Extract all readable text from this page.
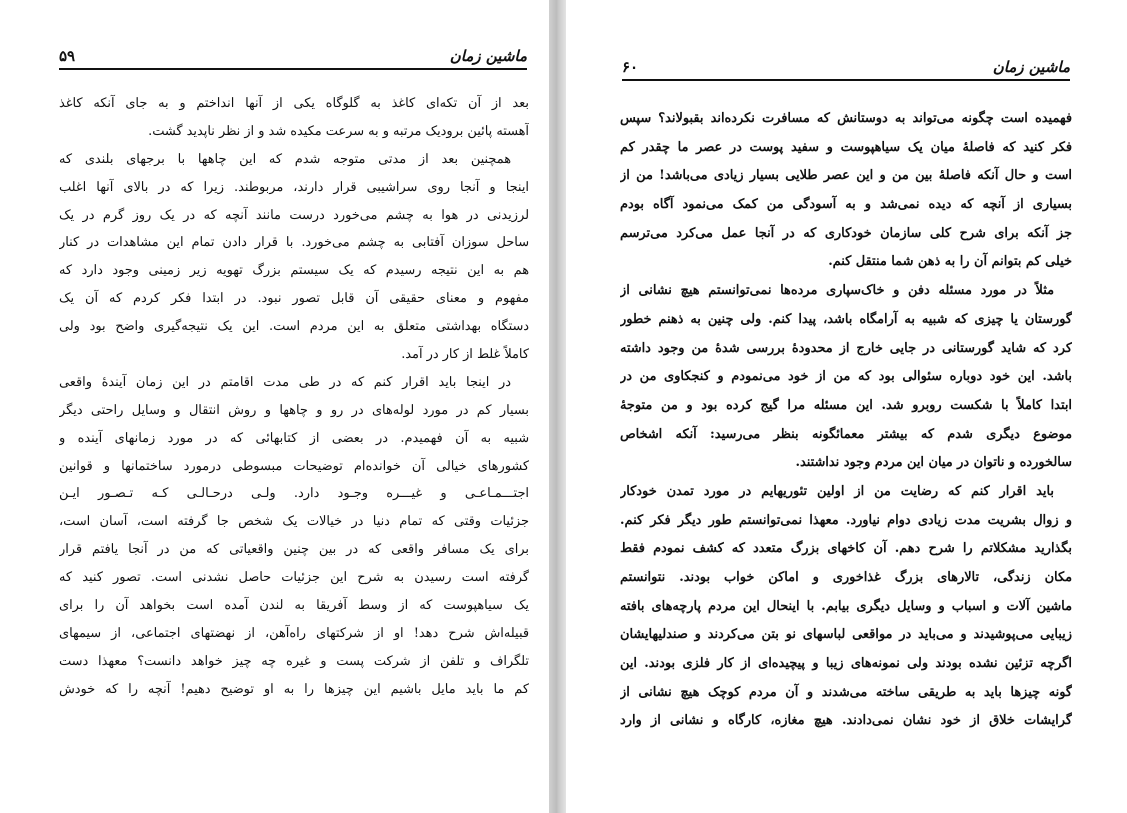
ماشین زمان
۵۹
بعد از آن تکه‌ای کاغذ به گلوگاه یکی از آنها انداختم و به جای آنکه کاغذ
آهسته پائین برودیک مرتبه و به سرعت مکیده شد و از نظر ناپدید گشت.
همچنین بعد از مدتی متوجه شدم که این چاهها با برجهای بلندی که
اینجا و آنجا روی سراشیبی قرار دارند، مربوطند. زیرا که در بالای آنها اغلب
لرزیدنی در هوا به چشم می‌خورد درست مانند آنچه که در یک روز گرم در یک
ساحل سوزان آفتابی به چشم می‌خورد. با قرار دادن تمام این مشاهدات در کنار
هم به این نتیجه رسیدم که یک سیستم بزرگ تهویه زیر زمینی وجود دارد که
مفهوم و معنای حقیقی آن قابل تصور نبود. در ابتدا فکر کردم که آن یک
دستگاه بهداشتی متعلق به این مردم است. این یک نتیجه‌گیری واضح بود ولی
کاملاً غلط از کار در آمد.
در اینجا باید اقرار کنم که در طی مدت اقامتم در این زمان آیندهٔ واقعی
بسیار کم در مورد لوله‌های در رو و چاهها و روش انتقال و وسایل راحتی دیگر
شبیه به آن فهمیدم. در بعضی از کتابهائی که در مورد زمانهای آینده و
کشورهای خیالی آن خوانده‌ام توضیحات مبسوطی درمورد ساختمانها و قوانین
اجتـــمـاعـی و غیـــره وجـود دارد. ولـی درحـالـی کـه تـصـور ایـن
جزئیات وقتی که تمام دنیا در خیالات یک شخص جا گرفته است، آسان است،
برای یک مسافر واقعی که در بین چنین واقعیاتی که من در آنجا یافتم قرار
گرفته است رسیدن به شرح این جزئیات حاصل نشدنی است. تصور کنید که
یک سیاهپوست که از وسط آفریقا به لندن آمده است بخواهد آن را برای
قبیله‌اش شرح دهد! او از شرکتهای راه‌آهن، از نهضتهای اجتماعی، از سیمهای
تلگراف و تلفن از شرکت پست و غیره چه چیز خواهد دانست؟ معهذا دست
کم ما باید مایل باشیم این چیزها را به او توضیح دهیم! آنچه را که خودش
ماشین زمان
۶۰
فهمیده است چگونه می‌تواند به دوستانش که مسافرت نکرده‌اند بقبولاند؟ سپس
فکر کنید که فاصلهٔ میان یک سیاهپوست و سفید پوست در عصر ما چقدر کم
است و حال آنکه فاصلهٔ بین من و این عصر طلایی بسیار زیادی می‌باشد! من از
بسیاری از آنچه که دیده نمی‌شد و به آسودگی من کمک می‌نمود آگاه بودم
جز آنکه برای شرح کلی سازمان خودکاری که در آنجا عمل می‌کرد می‌ترسم
خیلی کم بتوانم آن را به ذهن شما منتقل کنم.
مثلاً در مورد مسئله دفن و خاک‌سپاری مرده‌ها نمی‌توانستم هیچ نشانی از
گورستان یا چیزی که شبیه به آرامگاه باشد، پیدا کنم. ولی چنین به ذهنم خطور
کرد که شاید گورستانی در جایی خارج از محدودهٔ بررسی شدهٔ من وجود داشته
باشد. این خود دوباره سئوالی بود که من از خود می‌نمودم و کنجکاوی من در
ابتدا کاملاً با شکست روبرو شد. این مسئله مرا گیج کرده بود و من متوجهٔ
موضوع دیگری شدم که بیشتر معمائگونه بنظر می‌رسید: آنکه اشخاص
سالخورده و ناتوان در میان این مردم وجود نداشتند.
باید اقرار کنم که رضایت من از اولین تئوریهایم در مورد تمدن خودکار
و زوال بشریت مدت زیادی دوام نیاورد. معهذا نمی‌توانستم طور دیگر فکر کنم.
بگذارید مشکلاتم را شرح دهم. آن کاخهای بزرگ متعدد که کشف نمودم فقط
مکان زندگی، تالارهای بزرگ غذاخوری و اماکن خواب بودند. نتوانستم
ماشین آلات و اسباب و وسایل دیگری بیابم. با اینحال این مردم پارچه‌های بافته
زیبایی می‌پوشیدند و می‌باید در مواقعی لباسهای نو بتن می‌کردند و صندلیهایشان
اگرچه تزئین نشده بودند ولی نمونه‌های زیبا و پیچیده‌ای از کار فلزی بودند. این
گونه چیزها باید به طریقی ساخته می‌شدند و آن مردم کوچک هیچ نشانی از
گرایشات خلاق از خود نشان نمی‌دادند. هیچ مغازه، کارگاه و نشانی از وارد
